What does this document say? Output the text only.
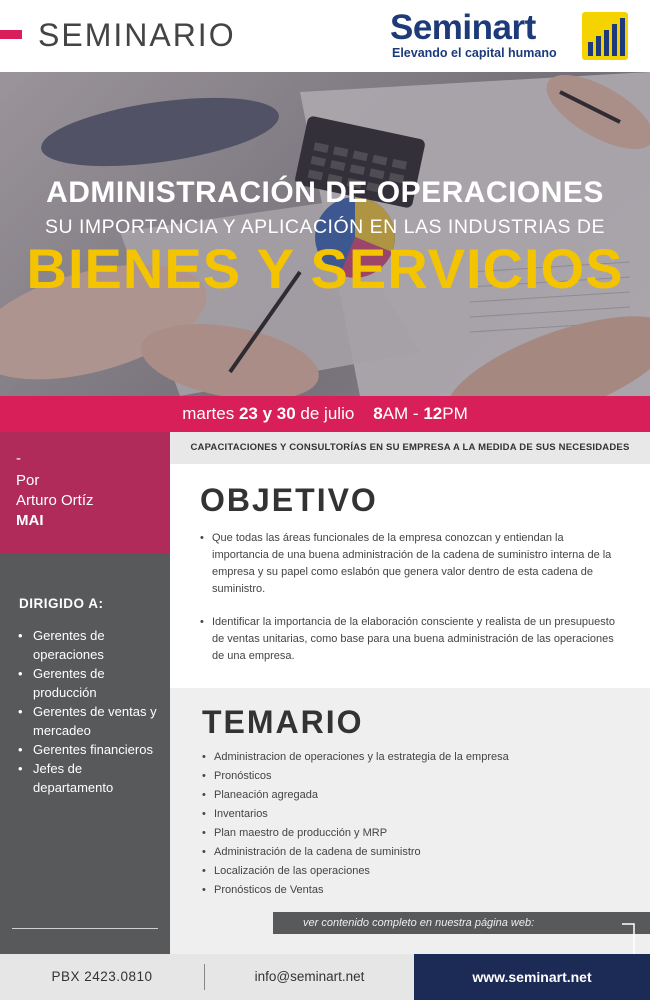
SEMINARIO	Seminart
Elevando el capital humano
ADMINISTRACIÓN DE OPERACIONES
SU IMPORTANCIA Y APLICACIÓN EN LAS INDUSTRIAS DE
BIENES Y SERVICIOS
martes 23 y 30 de julio 8AM - 12PM
-
Por
Arturo Ortíz
MAI
DIRIGIDO A:
• Gerentes de operaciones
• Gerentes de producción
• Gerentes de ventas y mercadeo
• Gerentes financieros
• Jefes de departamento
CAPACITACIONES Y CONSULTORÍAS EN SU EMPRESA A LA MEDIDA DE SUS NECESIDADES
OBJETIVO
• Que todas las áreas funcionales de la empresa conozcan y entiendan la importancia de una buena administración de la cadena de suministro interna de la empresa y su papel como eslabón que genera valor dentro de esta cadena de suministro.
• Identificar la importancia de la elaboración consciente y realista de un presupuesto de ventas unitarias, como base para una buena administración de las operaciones de una empresa.
TEMARIO
• Administracion de operaciones y la estrategia de la empresa
• Pronósticos
• Planeación agregada
• Inventarios
• Plan maestro de producción y MRP
• Administración de la cadena de suministro
• Localización de las operaciones
• Pronósticos de Ventas
ver contenido completo en nuestra página web:
PBX 2423.0810	info@seminart.net	www.seminart.net
